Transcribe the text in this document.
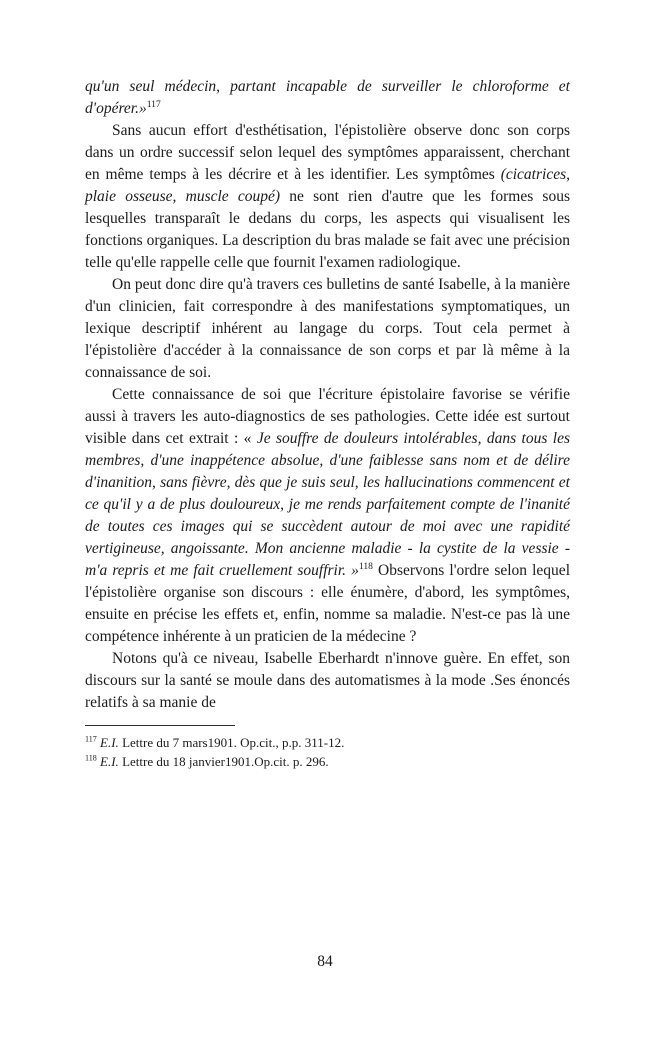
qu'un seul médecin, partant incapable de surveiller le chloroforme et d'opérer.»$^{117}$

Sans aucun effort d'esthétisation, l'épistolière observe donc son corps dans un ordre successif selon lequel des symptômes apparaissent, cherchant en même temps à les décrire et à les identifier. Les symptômes (cicatrices, plaie osseuse, muscle coupé) ne sont rien d'autre que les formes sous lesquelles transparaît le dedans du corps, les aspects qui visualisent les fonctions organiques. La description du bras malade se fait avec une précision telle qu'elle rappelle celle que fournit l'examen radiologique.

On peut donc dire qu'à travers ces bulletins de santé Isabelle, à la manière d'un clinicien, fait correspondre à des manifestations symptomatiques, un lexique descriptif inhérent au langage du corps. Tout cela permet à l'épistolière d'accéder à la connaissance de son corps et par là même à la connaissance de soi.

Cette connaissance de soi que l'écriture épistolaire favorise se vérifie aussi à travers les auto-diagnostics de ses pathologies. Cette idée est surtout visible dans cet extrait : « Je souffre de douleurs intolérables, dans tous les membres, d'une inappétence absolue, d'une faiblesse sans nom et de délire d'inanition, sans fièvre, dès que je suis seul, les hallucinations commencent et ce qu'il y a de plus douloureux, je me rends parfaitement compte de l'inanité de toutes ces images qui se succèdent autour de moi avec une rapidité vertigineuse, angoissante. Mon ancienne maladie - la cystite de la vessie - m'a repris et me fait cruellement souffrir. »$^{118}$ Observons l'ordre selon lequel l'épistolière organise son discours : elle énumère, d'abord, les symptômes, ensuite en précise les effets et, enfin, nomme sa maladie. N'est-ce pas là une compétence inhérente à un praticien de la médecine ?

Notons qu'à ce niveau, Isabelle Eberhardt n'innove guère. En effet, son discours sur la santé se moule dans des automatismes à la mode .Ses énoncés relatifs à sa manie de

$^{117}$ E.I. Lettre du 7 mars1901. Op.cit., p.p. 311-12.

$^{118}$ E.I. Lettre du 18 janvier1901.Op.cit. p. 296.

84
